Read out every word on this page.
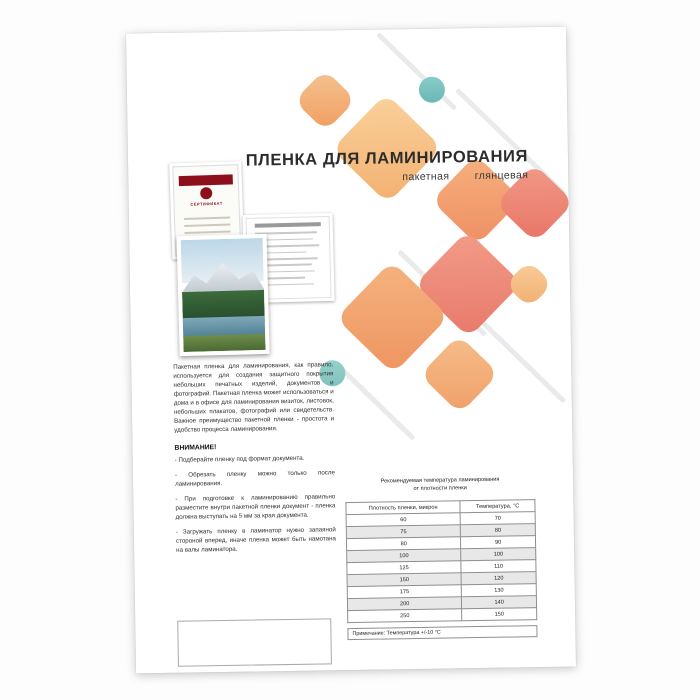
ПЛЕНКА ДЛЯ ЛАМИНИРОВАНИЯ
пакетная глянцевая
СЕРТИФИКАТ

Пакетная пленка для ламинирования, как правило, используется для создания защитного покрытия небольших печатных изделий, документов и фотографий. Пакетная пленка может использоваться и дома и в офисе для ламинирования визиток, листовок, небольших плакатов, фотографий или свидетельств. Важное преимущество пакетной пленки - простота и удобство процесса ламинирования.

ВНИМАНИЕ!
- Подберайте пленку под формат документа.
- Обрезать пленку можно только после ламинирования.
- При подготовке к ламинированию правильно разместите внутри пакетной пленки документ - пленка должна выступать на 5 мм за края документа.
- Загружать пленку в ламинатор нужно запаяной стороной вперед, иначе пленка может быть намотана на валы ламинатора.
Рекомендуемая температура ламинирования
от плотности пленки
Плотность пленки, микрон	Температура, °С
60	70
75	80
80	90
100	100
125	110
150	120
175	130
200	140
250	150
Примечание: Температура +/-10 °С
